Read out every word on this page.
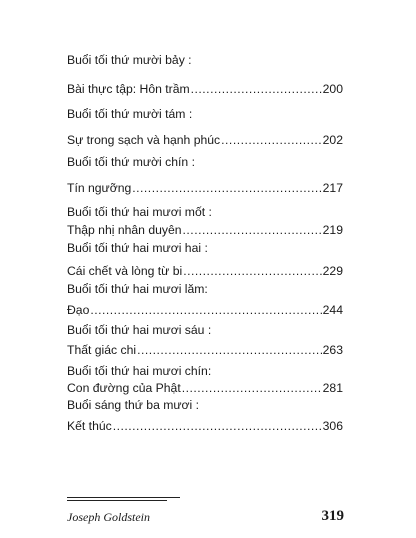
Buổi tối thứ mười bảy :
Bài thực tập: Hôn trầm .....	200
Buổi tối thứ mười tám :
Sự trong sạch và hạnh phúc .....	202
Buổi tối thứ mười chín :
Tín ngưỡng .....	217
Buổi tối thứ hai mươi mốt :
Thập nhị nhân duyên .....	219
Buổi tối thứ hai mươi hai :
Cái chết và lòng từ bi .....	229
Buổi tối thứ hai mươi lăm:
Đạo .....	244
Buổi tối thứ hai mươi sáu :
Thất giác chi .....	263
Buổi tối thứ hai mươi chín:
Con đường của Phật .....	281
Buổi sáng thứ ba mươi :
Kết thúc .....	306
Joseph Goldstein	319
